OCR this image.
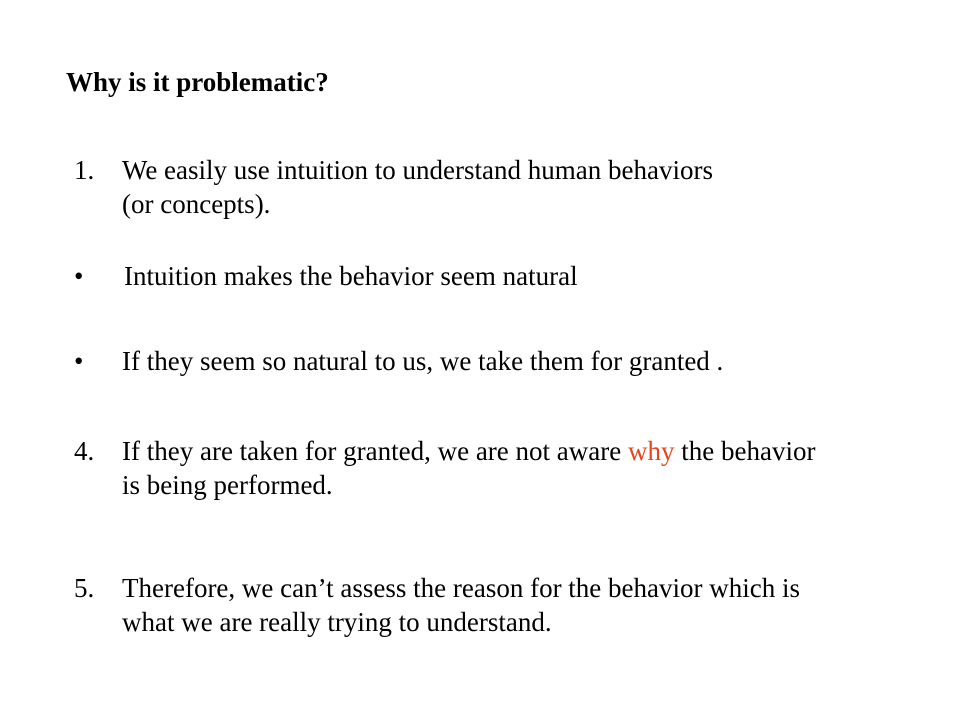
Why is it problematic?
1. We easily use intuition to understand human behaviors
(or concepts).
• Intuition makes the behavior seem natural
• If they seem so natural to us, we take them for granted .
4. If they are taken for granted, we are not aware why the behavior
is being performed.
5. Therefore, we can’t assess the reason for the behavior which is
what we are really trying to understand.
